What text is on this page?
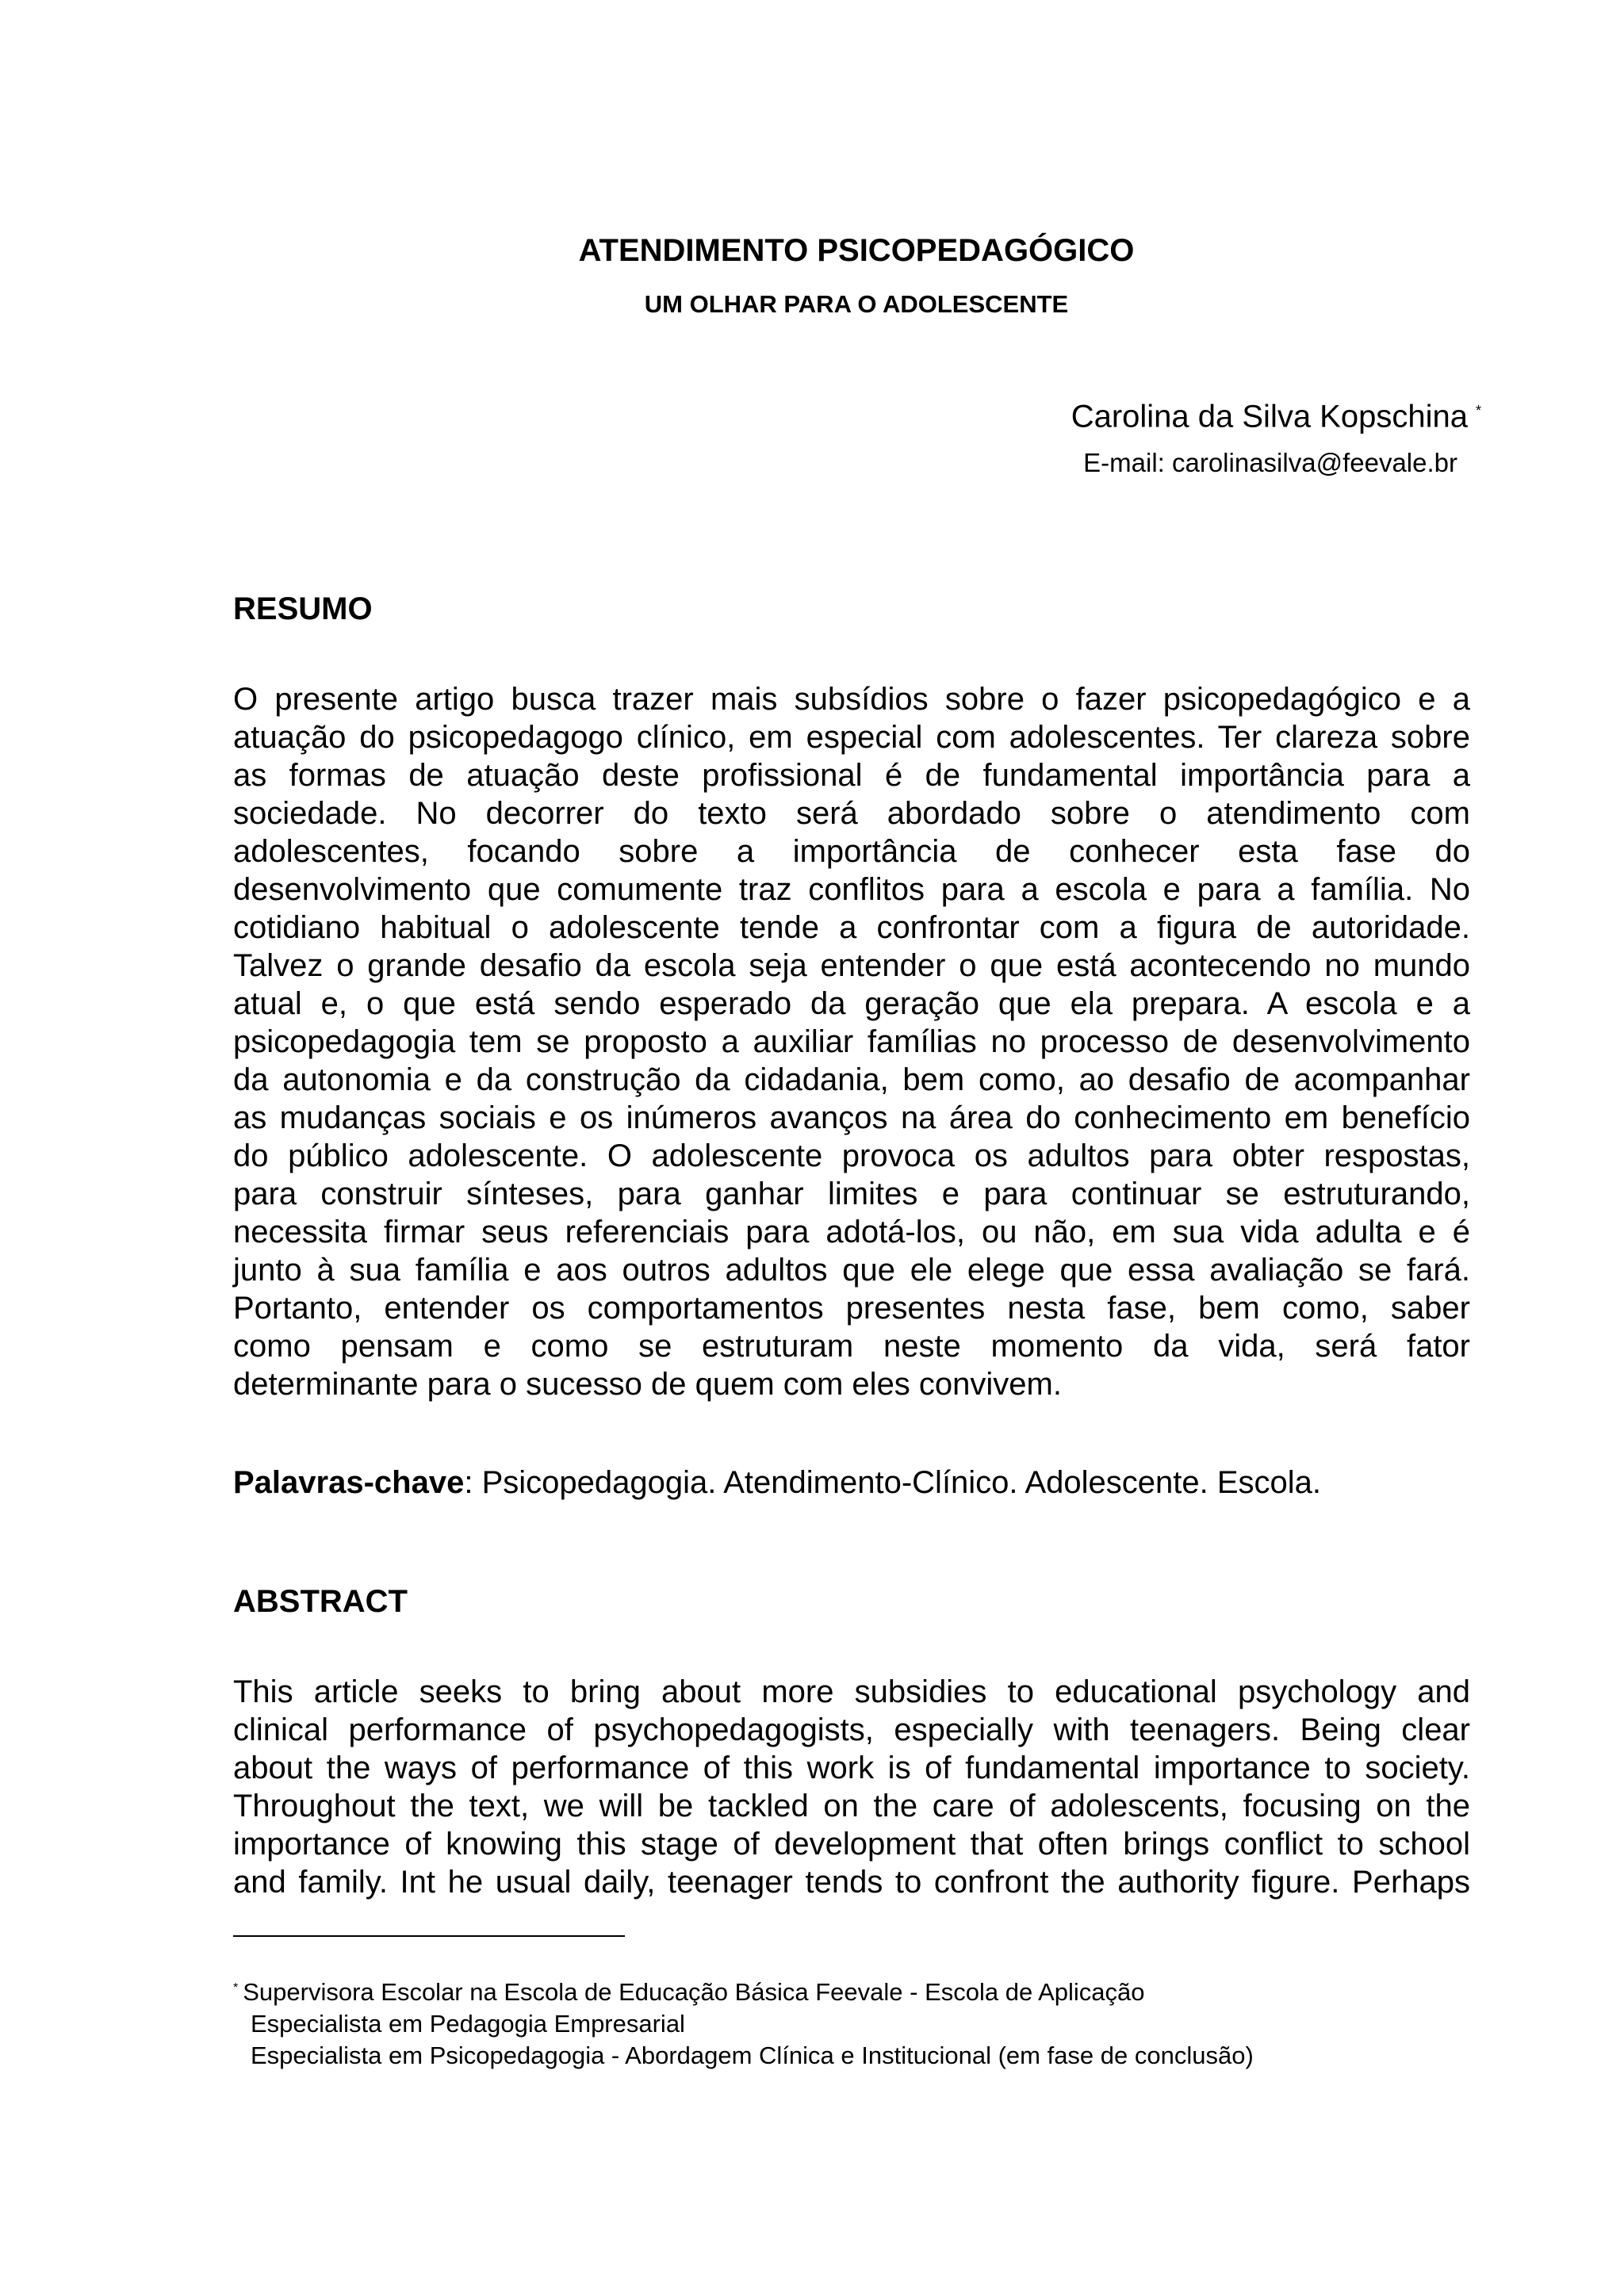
ATENDIMENTO PSICOPEDAGÓGICO
UM OLHAR PARA O ADOLESCENTE
Carolina da Silva Kopschina *
E-mail: carolinasilva@feevale.br
RESUMO
O presente artigo busca trazer mais subsídios sobre o fazer psicopedagógico e a
atuação do psicopedagogo clínico, em especial com adolescentes. Ter clareza sobre
as formas de atuação deste profissional é de fundamental importância para a
sociedade. No decorrer do texto será abordado sobre o atendimento com
adolescentes, focando sobre a importância de conhecer esta fase do
desenvolvimento que comumente traz conflitos para a escola e para a família. No
cotidiano habitual o adolescente tende a confrontar com a figura de autoridade.
Talvez o grande desafio da escola seja entender o que está acontecendo no mundo
atual e, o que está sendo esperado da geração que ela prepara. A escola e a
psicopedagogia tem se proposto a auxiliar famílias no processo de desenvolvimento
da autonomia e da construção da cidadania, bem como, ao desafio de acompanhar
as mudanças sociais e os inúmeros avanços na área do conhecimento em benefício
do público adolescente. O adolescente provoca os adultos para obter respostas,
para construir sínteses, para ganhar limites e para continuar se estruturando,
necessita firmar seus referenciais para adotá-los, ou não, em sua vida adulta e é
junto à sua família e aos outros adultos que ele elege que essa avaliação se fará.
Portanto, entender os comportamentos presentes nesta fase, bem como, saber
como pensam e como se estruturam neste momento da vida, será fator
determinante para o sucesso de quem com eles convivem.
Palavras-chave: Psicopedagogia. Atendimento-Clínico. Adolescente. Escola.
ABSTRACT
This article seeks to bring about more subsidies to educational psychology and
clinical performance of psychopedagogists, especially with teenagers. Being clear
about the ways of performance of this work is of fundamental importance to society.
Throughout the text, we will be tackled on the care of adolescents, focusing on the
importance of knowing this stage of development that often brings conflict to school
and family. Int he usual daily, teenager tends to confront the authority figure. Perhaps
* Supervisora Escolar na Escola de Educação Básica Feevale - Escola de Aplicação
Especialista em Pedagogia Empresarial
Especialista em Psicopedagogia - Abordagem Clínica e Institucional (em fase de conclusão)
